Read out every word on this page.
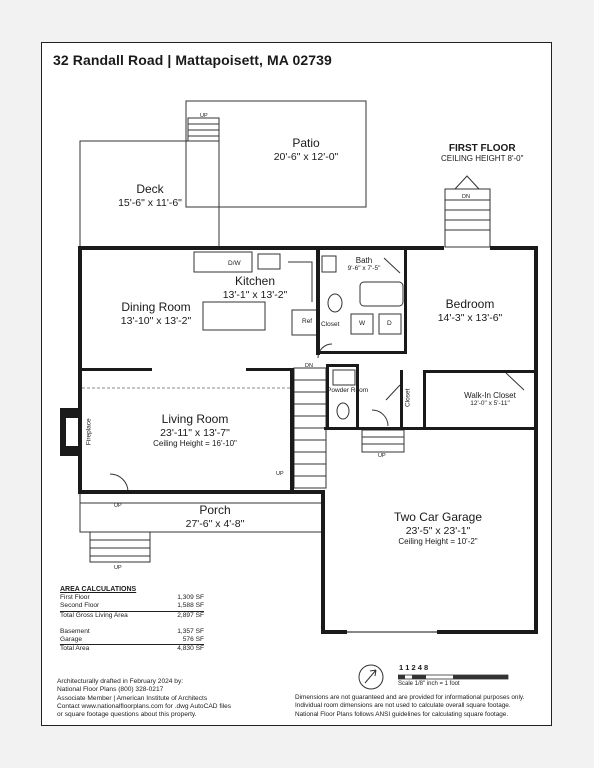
32 Randall Road | Mattapoisett, MA 02739
Patio
20'-6" x 12'-0"
Deck
15'-6" x 11'-6"
Kitchen
13'-1" x 13'-2"
Dining Room
13'-10" x 13'-2"
Bath
9'-6" x 7'-5"
Bedroom
14'-3" x 13'-6"
Living Room
23'-11" x 13'-7"
Ceiling Height = 16'-10"
Powder Room
Walk-In Closet
12'-0" x 5'-11"
Porch
27'-6" x 4'-8"	Two Car Garage
23'-5" x 23'-1"
Ceiling Height = 10'-2"
D/W
Ref Closet	W	D
Closet
Fireplace
UP
DN
DN
UP
UP
UP
UP
FIRST FLOOR
CEILING HEIGHT 8'-0"
AREA CALCULATIONS
First Floor	1,309 SF
Second Floor	1,588 SF
Total Gross Living Area	2,897 SF
Basement	1,357 SF
Garage	576 SF
Total Area	4,830 SF
1 1 2 4 8
Scale 1/8" inch = 1 foot
Architecturally drafted in February 2024 by:
National Floor Plans (800) 328-0217
Associate Member | American Institute of Architects
Contact www.nationalfloorplans.com for .dwg AutoCAD files
or square footage questions about this property.
Dimensions are not guaranteed and are provided for informational purposes only.
Individual room dimensions are not used to calculate overall square footage.
National Floor Plans follows ANSI guidelines for calculating square footage.
